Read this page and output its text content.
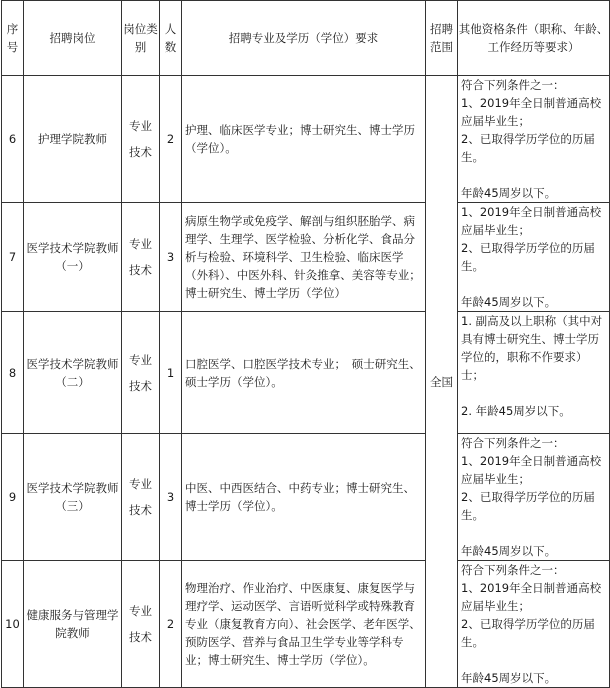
序号	招聘岗位	岗位类别	人数	招聘专业及学历（学位）要求	招聘范围	其他资格条件（职称、年龄、工作经历等要求）
6	护理学院教师	专业
技术	2	护理、临床医学专业；博士研究生、博士学历（学位）。	全国	符合下列条件之一：
1、2019年全日制普通高校应届毕业生；
2、已取得学历学位的历届生。
年龄45周岁以下。

7	医学技术学院教师（一）	专业
技术	3	病原生物学或免疫学、解剖与组织胚胎学、病理学、生理学、医学检验、分析化学、食品分析与检验、环境科学、卫生检验、临床医学（外科）、中医外科、针灸推拿、美容等专业；博士研究生、博士学历（学位）		1、2019年全日制普通高校应届毕业生；
2、已取得学历学位的历届生。
年龄45周岁以下。

8	医学技术学院教师（二）	专业
技术	1	口腔医学、口腔医学技术专业；　硕士研究生、硕士学历（学位）。		1. 副高及以上职称（其中对具有博士研究生、博士学历学位的，职称不作要求）士；
2. 年龄45周岁以下。

9	医学技术学院教师（三）	专业
技术	3	中医、中西医结合、中药专业；博士研究生、博士学历（学位）。		符合下列条件之一：
1、2019年全日制普通高校应届毕业生；
2、已取得学历学位的历届生。
年龄45周岁以下。

10	健康服务与管理学院教师	专业
技术	2	物理治疗、作业治疗、中医康复、康复医学与理疗学、运动医学、言语听觉科学或特殊教育专业（康复教育方向）、社会医学、老年医学、预防医学、营养与食品卫生学专业等学科专业；博士研究生、博士学历（学位）。		符合下列条件之一：
1、2019年全日制普通高校应届毕业生；
2、已取得学历学位的历届生。
年龄45周岁以下。
